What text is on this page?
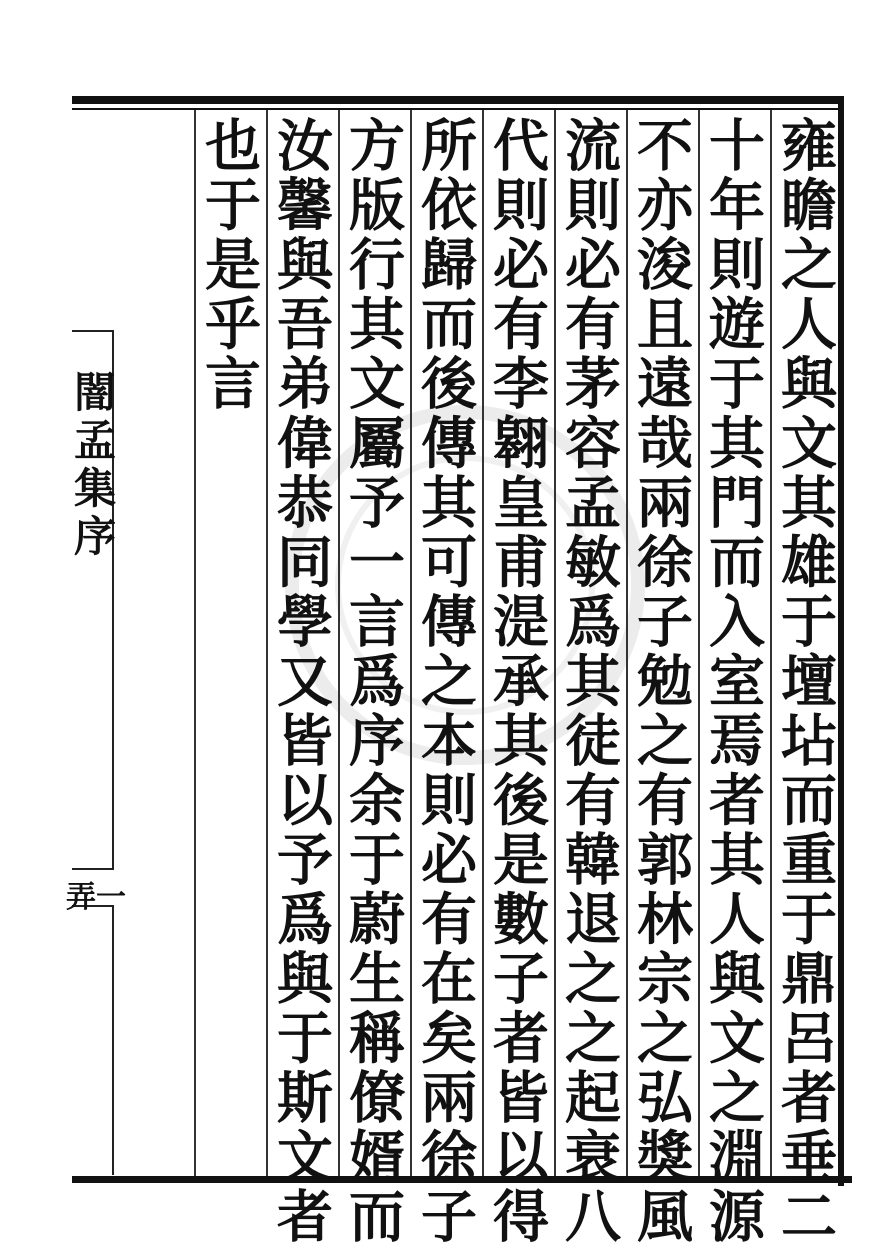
雍瞻之人與文其雄于壇坫而重于鼎呂者垂二
十年則遊于其門而入室焉者其人與文之淵源
不亦浚且遠哉兩徐子勉之有郭林宗之弘獎風
流則必有茅容孟敏爲其徒有韓退之之起衰八
代則必有李翱皇甫湜承其後是數子者皆以得
所依歸而後傳其可傳之本則必有在矣兩徐子
方版行其文屬予一言爲序余于蔚生稱僚婿而
汝馨與吾弟偉恭同學又皆以予爲與于斯文者
也于是乎言
闇孟集序
弄一
